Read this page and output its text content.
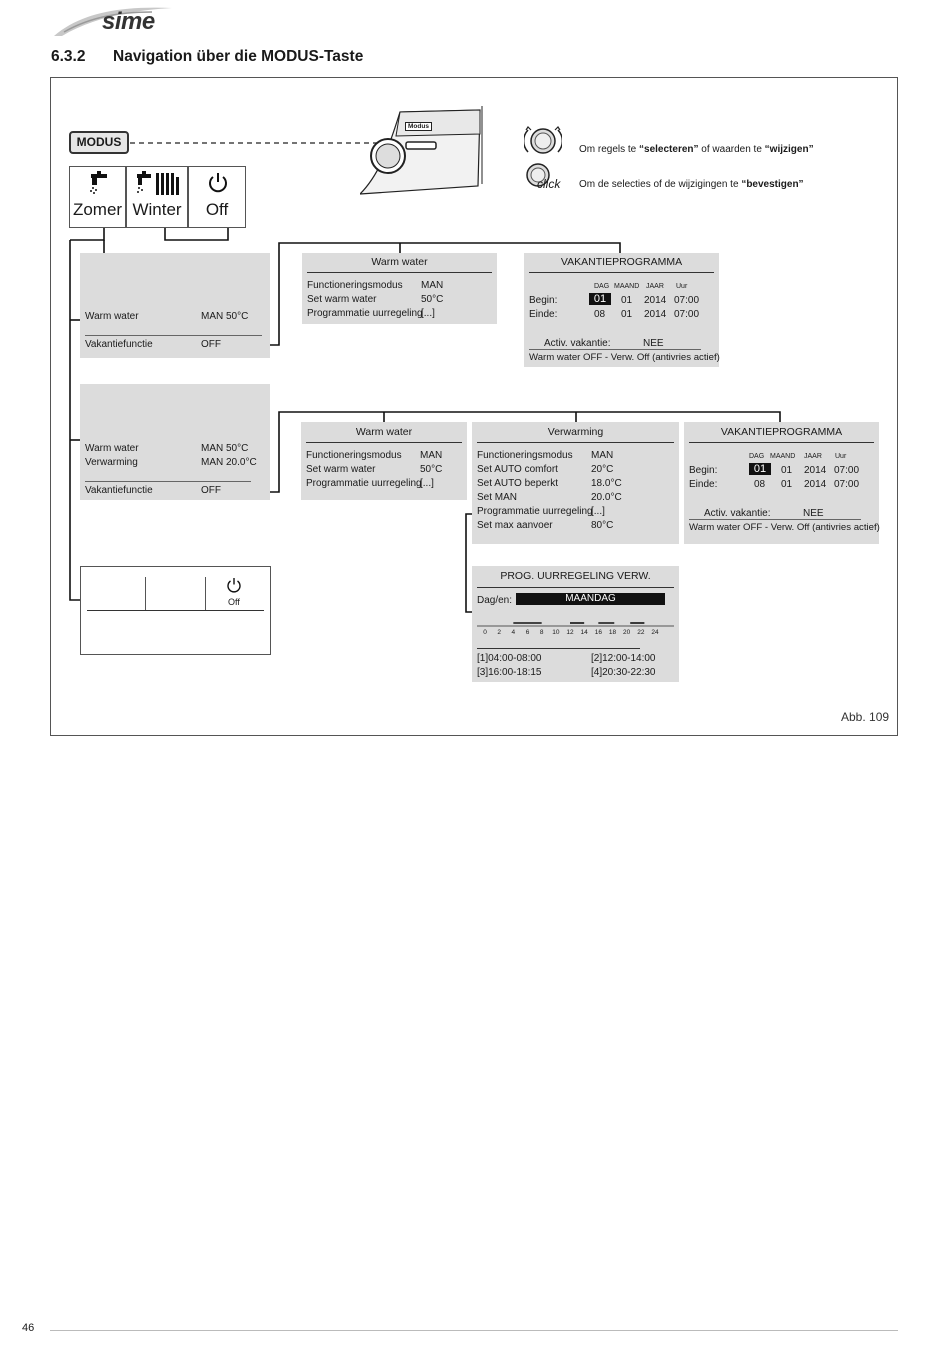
sime
6.3.2 Navigation über die MODUS-Taste
MODUS
Zomer Winter	Off
Modus
Om regels te “selecteren” of waarden te “wijzigen”
click Om de selecties of de wijzigingen te “bevestigen”
Warm water	MAN 50°C
Vakantiefunctie	OFF
Warm water
Functioneringsmodus MAN
Set warm water	50°C
Programmatie uurregeling
[...]
VAKANTIEPROGRAMMA
DAG MAAND JAAR Uur
Begin:	01	01 2014 07:00
Einde:	08 01 2014 07:00
Activ. vakantie:	NEE
Warm water OFF - Verw. Off (antivries actief)
Warm water	MAN 50°C
Verwarming	MAN 20.0°C
Vakantiefunctie	OFF
Warm water
Functioneringsmodus MAN
Set warm water	50°C
Programmatie uurregeling
[...]
Verwarming
Functioneringsmodus MAN
Set AUTO comfort	20°C
Set AUTO beperkt	18.0°C
Set MAN	20.0°C
Programmatie uurregeling
[...]
Set max aanvoer	80°C
VAKANTIEPROGRAMMA
DAG MAAND JAAR Uur
Begin:	01	01 2014 07:00
Einde:	08 01 2014 07:00
Activ. vakantie:	NEE
Warm water OFF - Verw. Off (antivries actief)
Off
PROG. UURREGELING VERW.
Dag/en:	MAANDAG
0	2	4	6	8	10 12 14 16 18 20 22 24
[1]04:00-08:00	[2]12:00-14:00
[3]16:00-18:15	[4]20:30-22:30
Abb. 109
46
